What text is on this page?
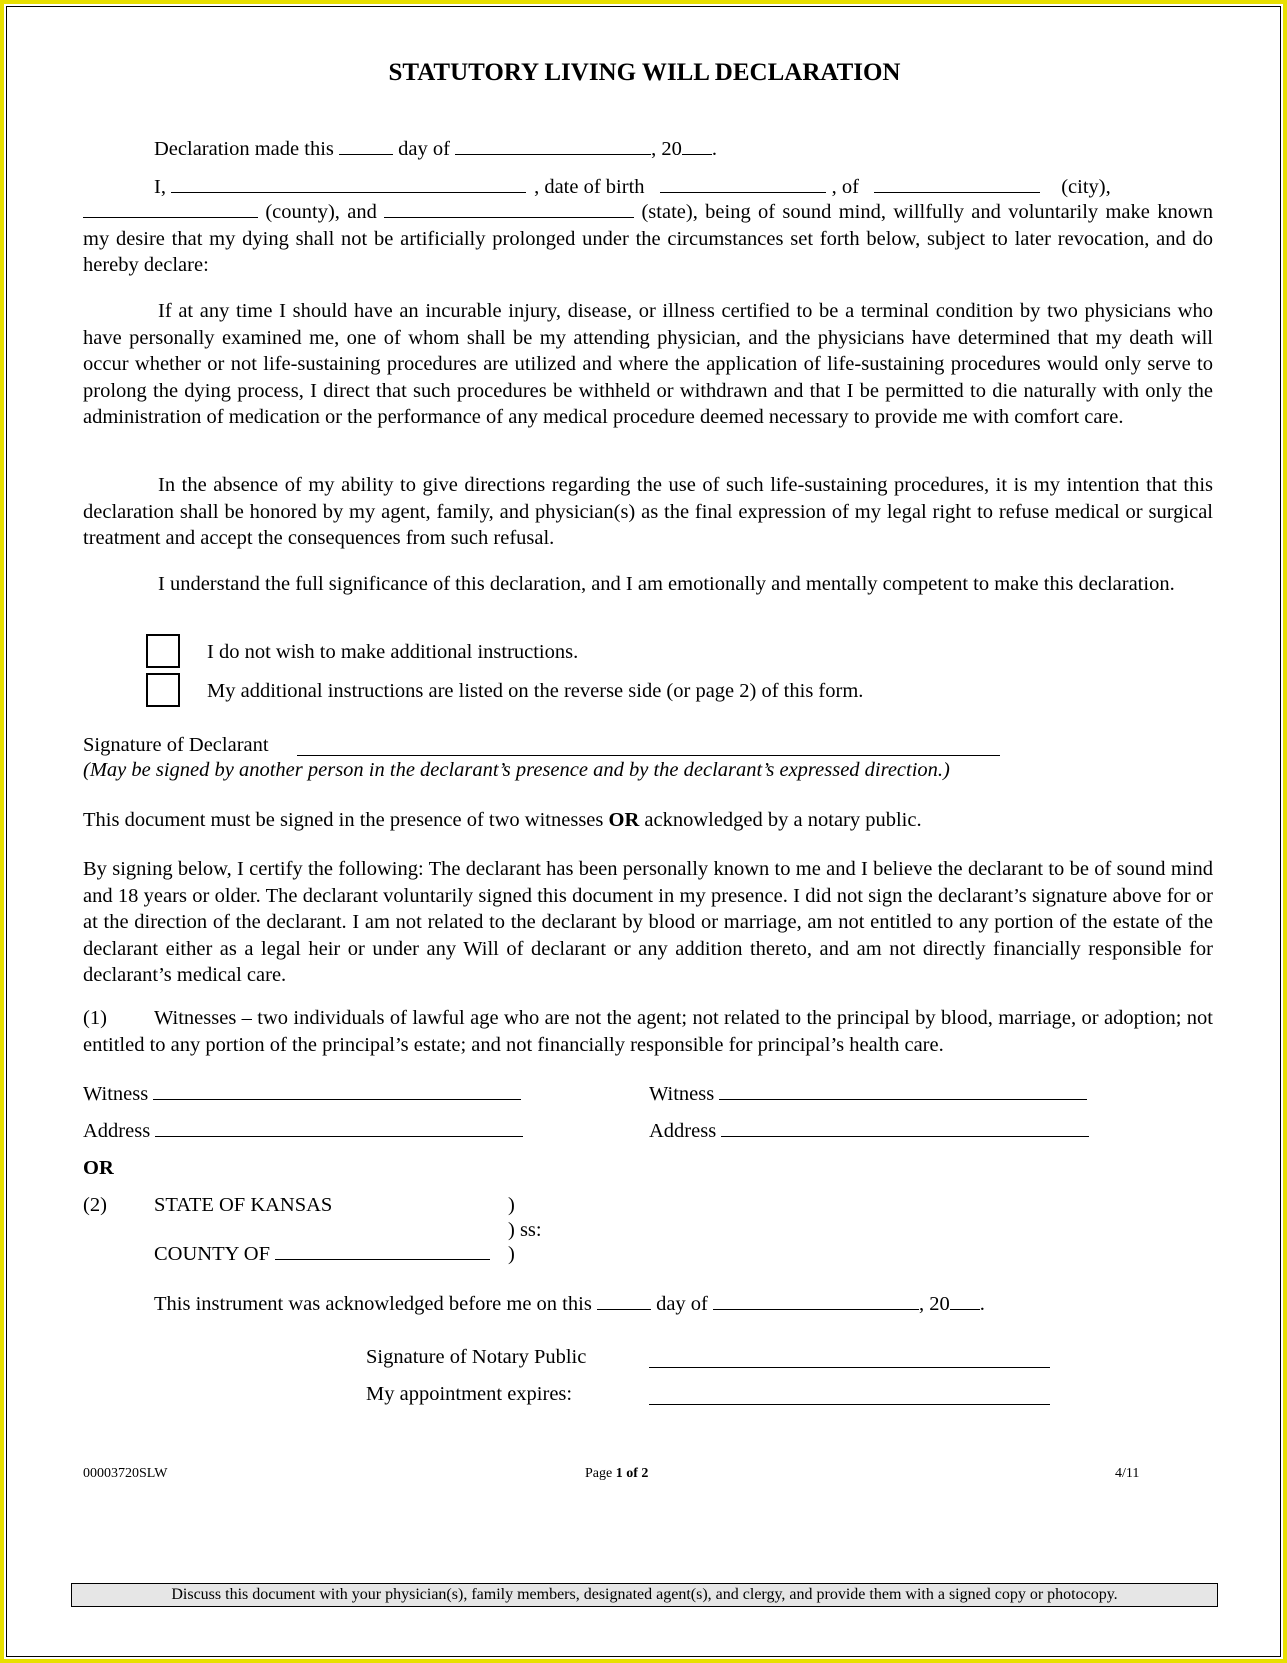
STATUTORY LIVING WILL DECLARATION
Declaration made this	day of	, 20 .
I,	, date of birth	, of	(city),
(county), and	(state), being of sound mind, willfully and voluntarily make known my desire that my dying shall not be artificially prolonged under the circumstances set forth below, subject to later revocation, and do hereby declare:
If at any time I should have an incurable injury, disease, or illness certified to be a terminal condition by two physicians who have personally examined me, one of whom shall be my attending physician, and the physicians have determined that my death will occur whether or not life-sustaining procedures are utilized and where the application of life-sustaining procedures would only serve to prolong the dying process, I direct that such procedures be withheld or withdrawn and that I be permitted to die naturally with only the administration of medication or the performance of any medical procedure deemed necessary to provide me with comfort care.
In the absence of my ability to give directions regarding the use of such life-sustaining procedures, it is my intention that this declaration shall be honored by my agent, family, and physician(s) as the final expression of my legal right to refuse medical or surgical treatment and accept the consequences from such refusal.
I understand the full significance of this declaration, and I am emotionally and mentally competent to make this declaration.
I do not wish to make additional instructions.
My additional instructions are listed on the reverse side (or page 2) of this form.
Signature of Declarant
(May be signed by another person in the declarant’s presence and by the declarant’s expressed direction.)
This document must be signed in the presence of two witnesses OR acknowledged by a notary public.
By signing below, I certify the following: The declarant has been personally known to me and I believe the declarant to be of sound mind and 18 years or older. The declarant voluntarily signed this document in my presence. I did not sign the declarant’s signature above for or at the direction of the declarant. I am not related to the declarant by blood or marriage, am not entitled to any portion of the estate of the declarant either as a legal heir or under any Will of declarant or any addition thereto, and am not directly financially responsible for declarant’s medical care.
(1) Witnesses – two individuals of lawful age who are not the agent; not related to the principal by blood, marriage, or adoption; not entitled to any portion of the principal’s estate; and not financially responsible for principal’s health care.
Witness	Witness
Address	Address
OR
(2) STATE OF KANSAS	)
) ss:
COUNTY OF	)
This instrument was acknowledged before me on this	day of	, 20 .
Signature of Notary Public
My appointment expires:
00003720SLW	Page 1 of 2	4/11
Discuss this document with your physician(s), family members, designated agent(s), and clergy, and provide them with a signed copy or photocopy.
